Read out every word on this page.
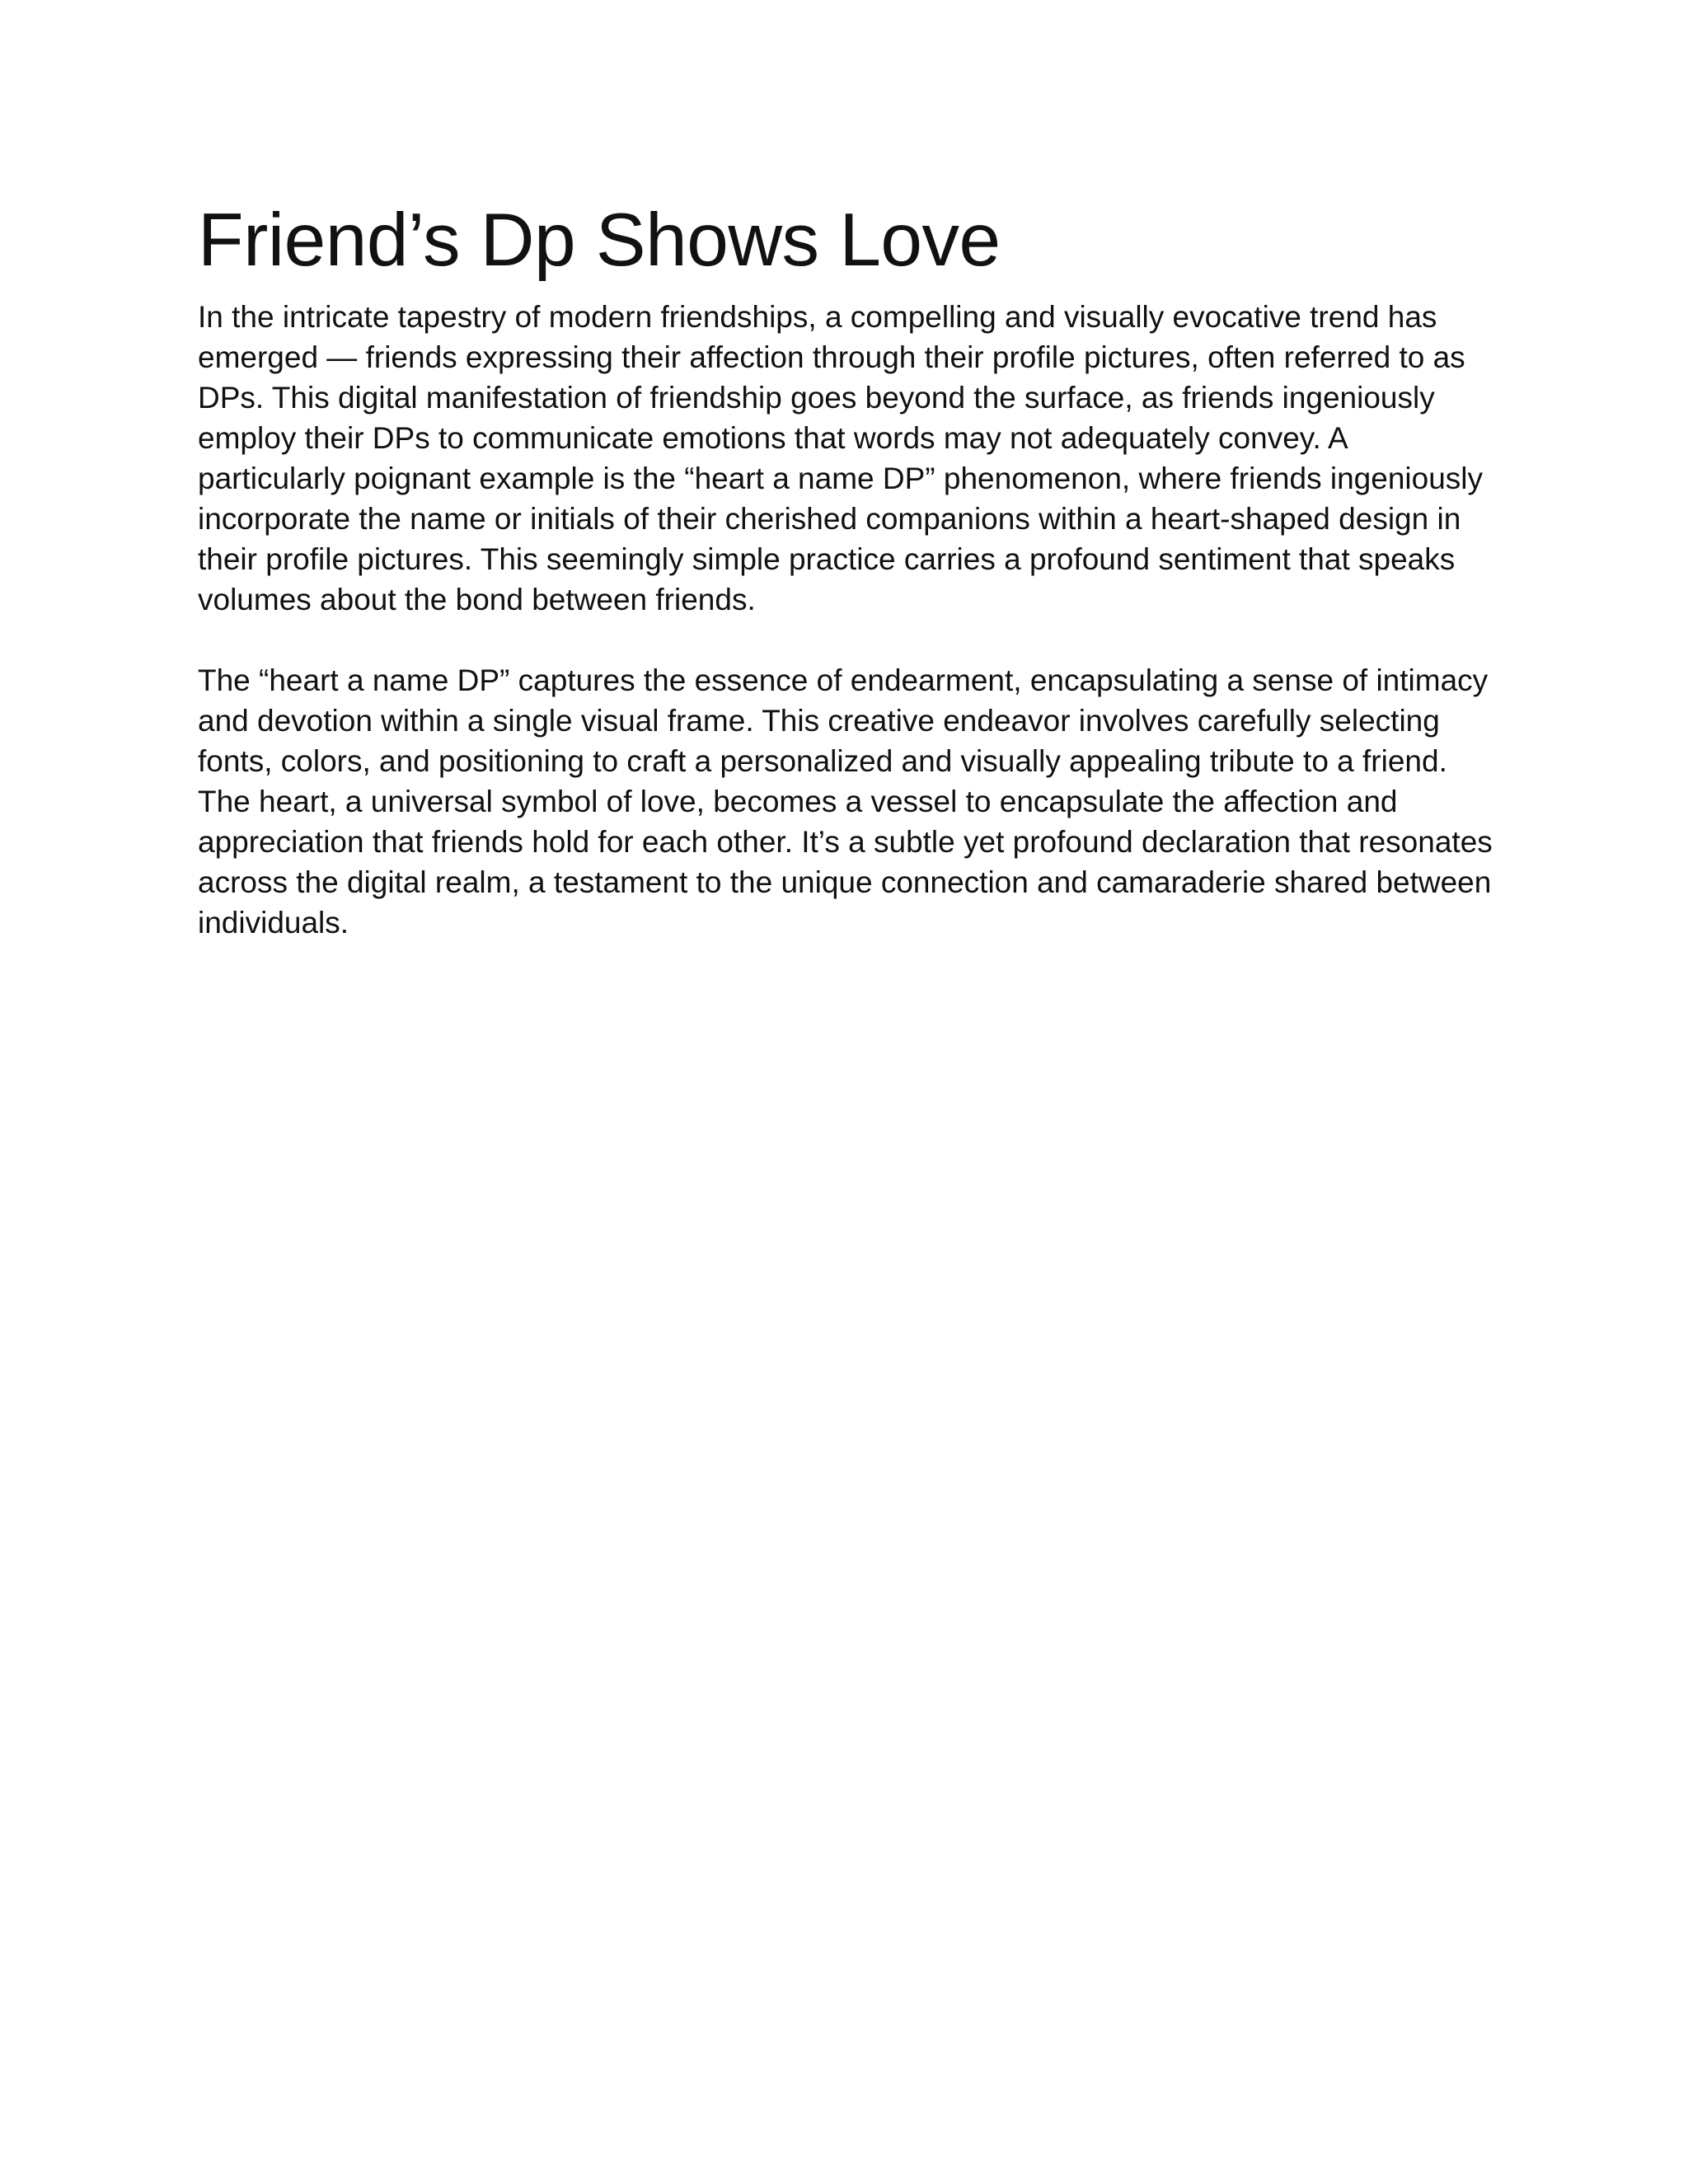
Friend’s Dp Shows Love

In the intricate tapestry of modern friendships, a compelling and visually evocative trend has emerged — friends expressing their affection through their profile pictures, often referred to as DPs. This digital manifestation of friendship goes beyond the surface, as friends ingeniously employ their DPs to communicate emotions that words may not adequately convey. A particularly poignant example is the “heart a name DP” phenomenon, where friends ingeniously incorporate the name or initials of their cherished companions within a heart-shaped design in their profile pictures. This seemingly simple practice carries a profound sentiment that speaks volumes about the bond between friends.

The “heart a name DP” captures the essence of endearment, encapsulating a sense of intimacy and devotion within a single visual frame. This creative endeavor involves carefully selecting fonts, colors, and positioning to craft a personalized and visually appealing tribute to a friend. The heart, a universal symbol of love, becomes a vessel to encapsulate the affection and appreciation that friends hold for each other. It’s a subtle yet profound declaration that resonates across the digital realm, a testament to the unique connection and camaraderie shared between individuals.
